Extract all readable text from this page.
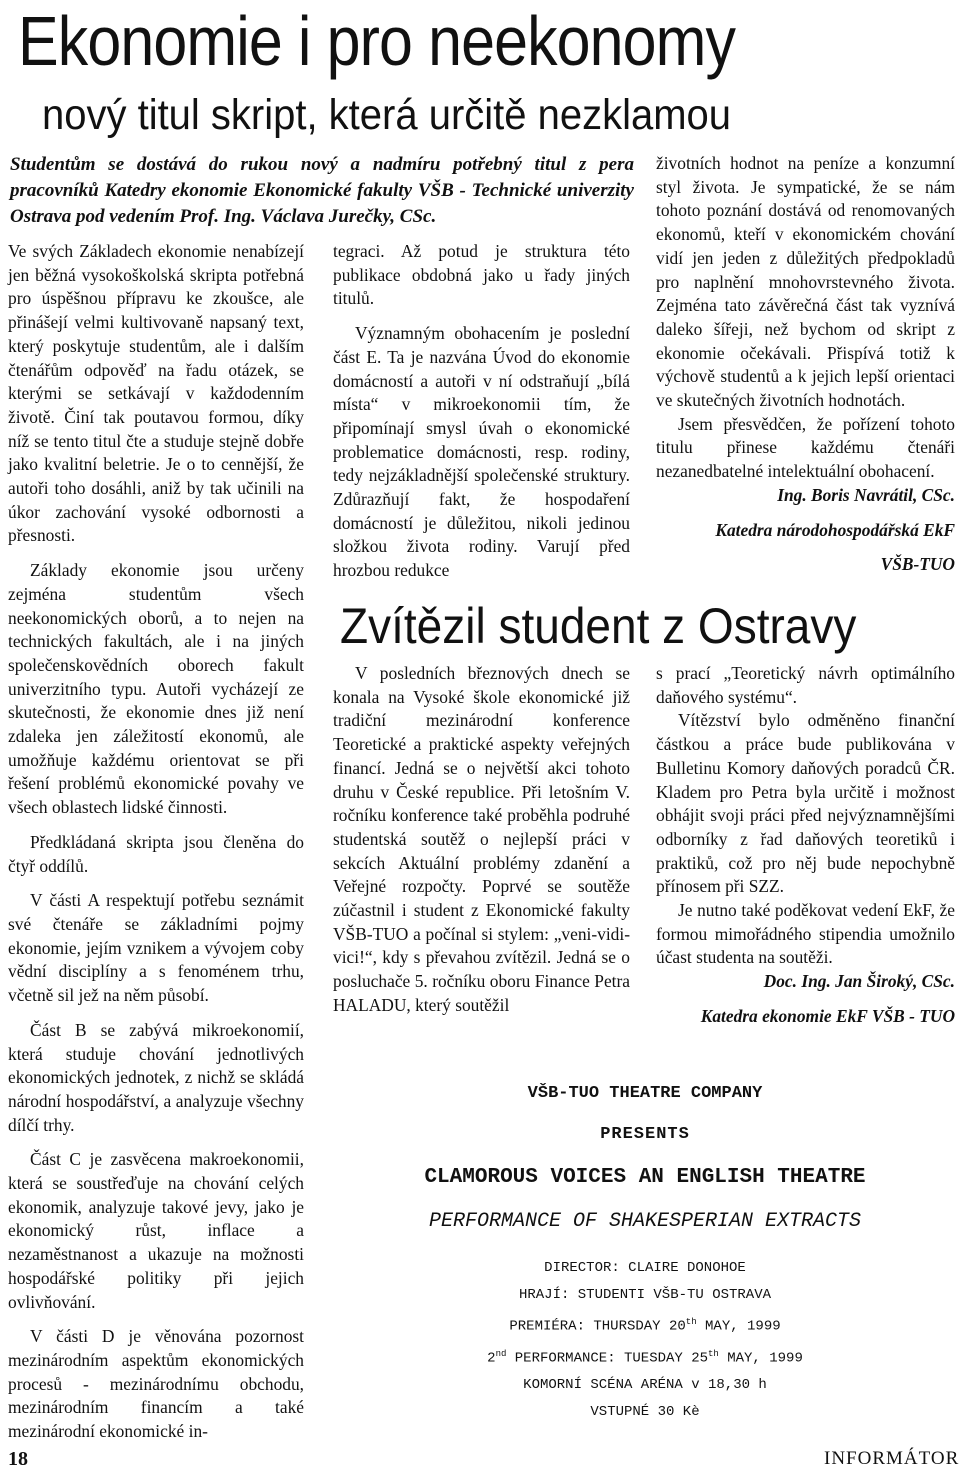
Ekonomie i pro neekonomy
nový titul skript, která určitě nezklamou
Studentům se dostává do rukou nový a nadmíru potřebný titul z pera pracovníků Katedry ekonomie Ekonomické fakulty VŠB - Technické univerzity Ostrava pod vedením Prof. Ing. Václava Jurečky, CSc.

Ve svých Základech ekonomie nenabízejí jen běžná vysokoškolská skripta potřebná pro úspěšnou přípravu ke zkoušce, ale přinášejí velmi kultivovaně napsaný text, který poskytuje studentům, ale i dalším čtenářům odpověď na řadu otázek, se kterými se setkávají v každodenním životě. Činí tak poutavou formou, díky níž se tento titul čte a studuje stejně dobře jako kvalitní beletrie. Je o to cennější, že autoři toho dosáhli, aniž by tak učinili na úkor zachování vysoké odbornosti a přesnosti.

Základy ekonomie jsou určeny zejména studentům všech neekonomických oborů, a to nejen na technických fakultách, ale i na jiných společenskovědních oborech fakult univerzitního typu. Autoři vycházejí ze skutečnosti, že ekonomie dnes již není zdaleka jen záležitostí ekonomů, ale umožňuje každému orientovat se při řešení problémů ekonomické povahy ve všech oblastech lidské činnosti.

Předkládaná skripta jsou členěna do čtyř oddílů.

V části A respektují potřebu seznámit své čtenáře se základními pojmy ekonomie, jejím vznikem a vývojem coby vědní disciplíny a s fenoménem trhu, včetně sil jež na něm působí.

Část B se zabývá mikroekonomií, která studuje chování jednotlivých ekonomických jednotek, z nichž se skládá národní hospodářství, a analyzuje všechny dílčí trhy.

Část C je zasvěcena makroekonomii, která se soustřeďuje na chování celých ekonomik, analyzuje takové jevy, jako je ekonomický růst, inflace a nezaměstnanost a ukazuje na možnosti hospodářské politiky při jejich ovlivňování.

V části D je věnována pozornost mezinárodním aspektům ekonomických procesů - mezinárodnímu obchodu, mezinárodním financím a také mezinárodní ekonomické in-

tegraci. Až potud je struktura této publikace obdobná jako u řady jiných titulů.

Významným obohacením je poslední část E. Ta je nazvána Úvod do ekonomie domácností a autoři v ní odstraňují „bílá místa“ v mikroekonomii tím, že připomínají smysl úvah o ekonomické problematice domácnosti, resp. rodiny, tedy nejzákladnější společenské struktury. Zdůrazňují fakt, že hospodaření domácností je důležitou, nikoli jedinou složkou života rodiny. Varují před hrozbou redukce

životních hodnot na peníze a konzumní styl života. Je sympatické, že se nám tohoto poznání dostává od renomovaných ekonomů, kteří v ekonomickém chování vidí jen jeden z důležitých předpokladů pro naplnění mnohovrstevného života. Zejména tato závěrečná část tak vyznívá daleko šířeji, než bychom od skript z ekonomie očekávali. Přispívá totiž k výchově studentů a k jejich lepší orientaci ve skutečných životních hodnotách.

Jsem přesvědčen, že pořízení tohoto titulu přinese každému čtenáři nezanedbatelné intelektuální obohacení.

Ing. Boris Navrátil, CSc.

Katedra národohospodářská EkF

VŠB-TUO

Zvítězil student z Ostravy

V posledních březnových dnech se konala na Vysoké škole ekonomické již tradiční mezinárodní konference Teoretické a praktické aspekty veřejných financí. Jedná se o největší akci tohoto druhu v České republice. Při letošním V. ročníku konference také proběhla podruhé studentská soutěž o nejlepší práci v sekcích Aktuální problémy zdanění a Veřejné rozpočty. Poprvé se soutěže zúčastnil i student z Ekonomické fakulty VŠB-TUO a počínal si stylem: „veni-vidi-vici!“, kdy s převahou zvítězil. Jedná se o posluchače 5. ročníku oboru Finance Petra HALADU, který soutěžil

s prací „Teoretický návrh optimálního daňového systému“.

Vítězství bylo odměněno finanční částkou a práce bude publikována v Bulletinu Komory daňových poradců ČR. Kladem pro Petra byla určitě i možnost obhájit svoji práci před nejvýznamnějšími odborníky z řad daňových teoretiků i praktiků, což pro něj bude nepochybně přínosem při SZZ.

Je nutno také poděkovat vedení EkF, že formou mimořádného stipendia umožnilo účast studenta na soutěži.

Doc. Ing. Jan Široký, CSc.

Katedra ekonomie EkF VŠB - TUO

VŠB-TUO THEATRE COMPANY
PRESENTS
CLAMOROUS VOICES AN ENGLISH THEATRE
PERFORMANCE OF SHAKESPERIAN EXTRACTS
DIRECTOR: CLAIRE DONOHOE
HRAJÍ: STUDENTI VŠB-TU OSTRAVA
PREMIÉRA: THURSDAY 20th MAY, 1999
2nd PERFORMANCE: TUESDAY 25th MAY, 1999
KOMORNÍ SCÉNA ARÉNA v 18,30 h
VSTUPNÉ 30 Kè
18	INFORMÁTOR
